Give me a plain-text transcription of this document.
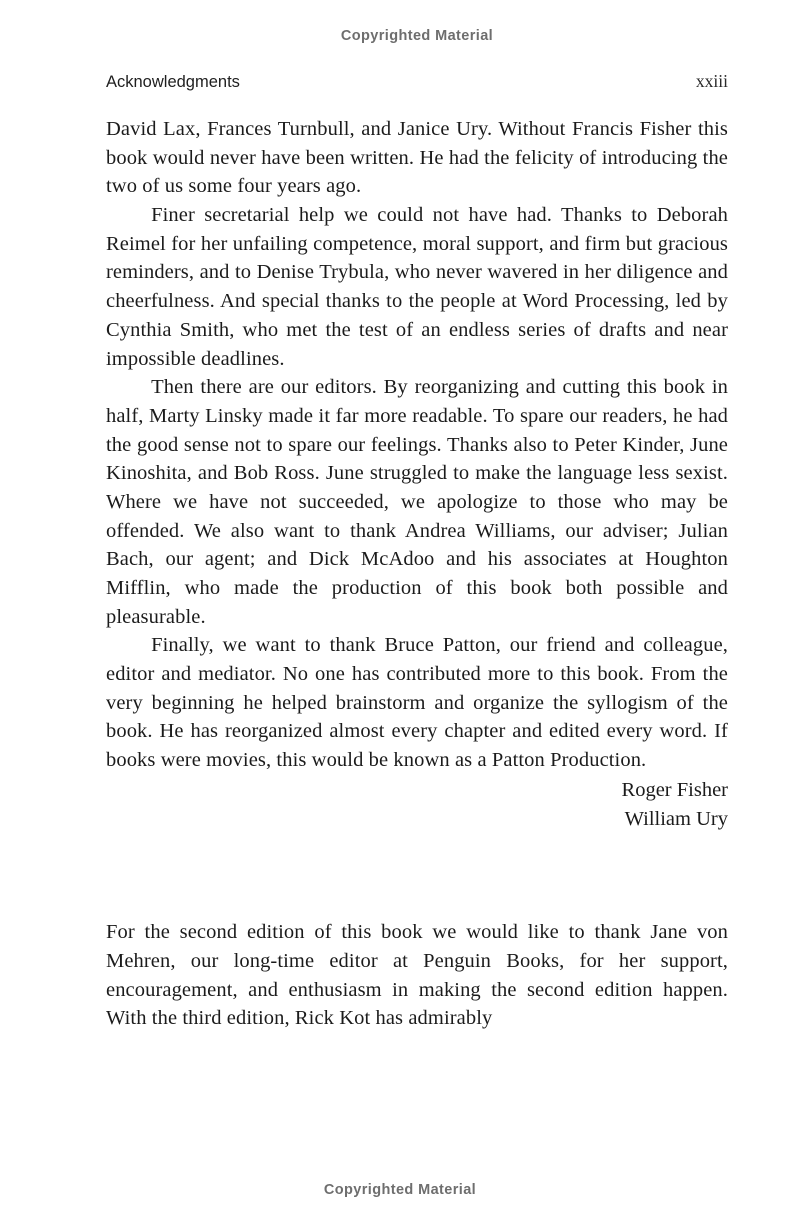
Copyrighted Material
Acknowledgments	xxiii

David Lax, Frances Turnbull, and Janice Ury. Without Francis Fisher this book would never have been written. He had the felicity of introducing the two of us some four years ago.

Finer secretarial help we could not have had. Thanks to Deborah Reimel for her unfailing competence, moral support, and firm but gracious reminders, and to Denise Trybula, who never wavered in her diligence and cheerfulness. And special thanks to the people at Word Processing, led by Cynthia Smith, who met the test of an endless series of drafts and near impossible deadlines.

Then there are our editors. By reorganizing and cutting this book in half, Marty Linsky made it far more readable. To spare our readers, he had the good sense not to spare our feelings. Thanks also to Peter Kinder, June Kinoshita, and Bob Ross. June struggled to make the language less sexist. Where we have not succeeded, we apologize to those who may be offended. We also want to thank Andrea Williams, our adviser; Julian Bach, our agent; and Dick McAdoo and his associates at Houghton Mifflin, who made the production of this book both possible and pleasurable.

Finally, we want to thank Bruce Patton, our friend and colleague, editor and mediator. No one has contributed more to this book. From the very beginning he helped brainstorm and organize the syllogism of the book. He has reorganized almost every chapter and edited every word. If books were movies, this would be known as a Patton Production.

Roger Fisher
William Ury

For the second edition of this book we would like to thank Jane von Mehren, our long-time editor at Penguin Books, for her support, encouragement, and enthusiasm in making the second edition happen. With the third edition, Rick Kot has admirably

Copyrighted Material
